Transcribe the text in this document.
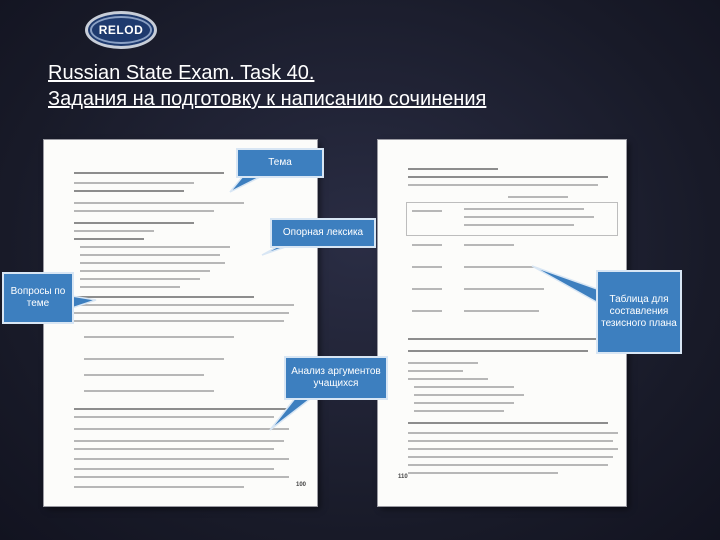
RELOD
Russian State Exam. Task 40.
Задания на подготовку к написанию сочинения
100
110
Тема
Опорная лексика
Вопросы по теме	Таблица для составления тезисного плана
Анализ аргументов учащихся
